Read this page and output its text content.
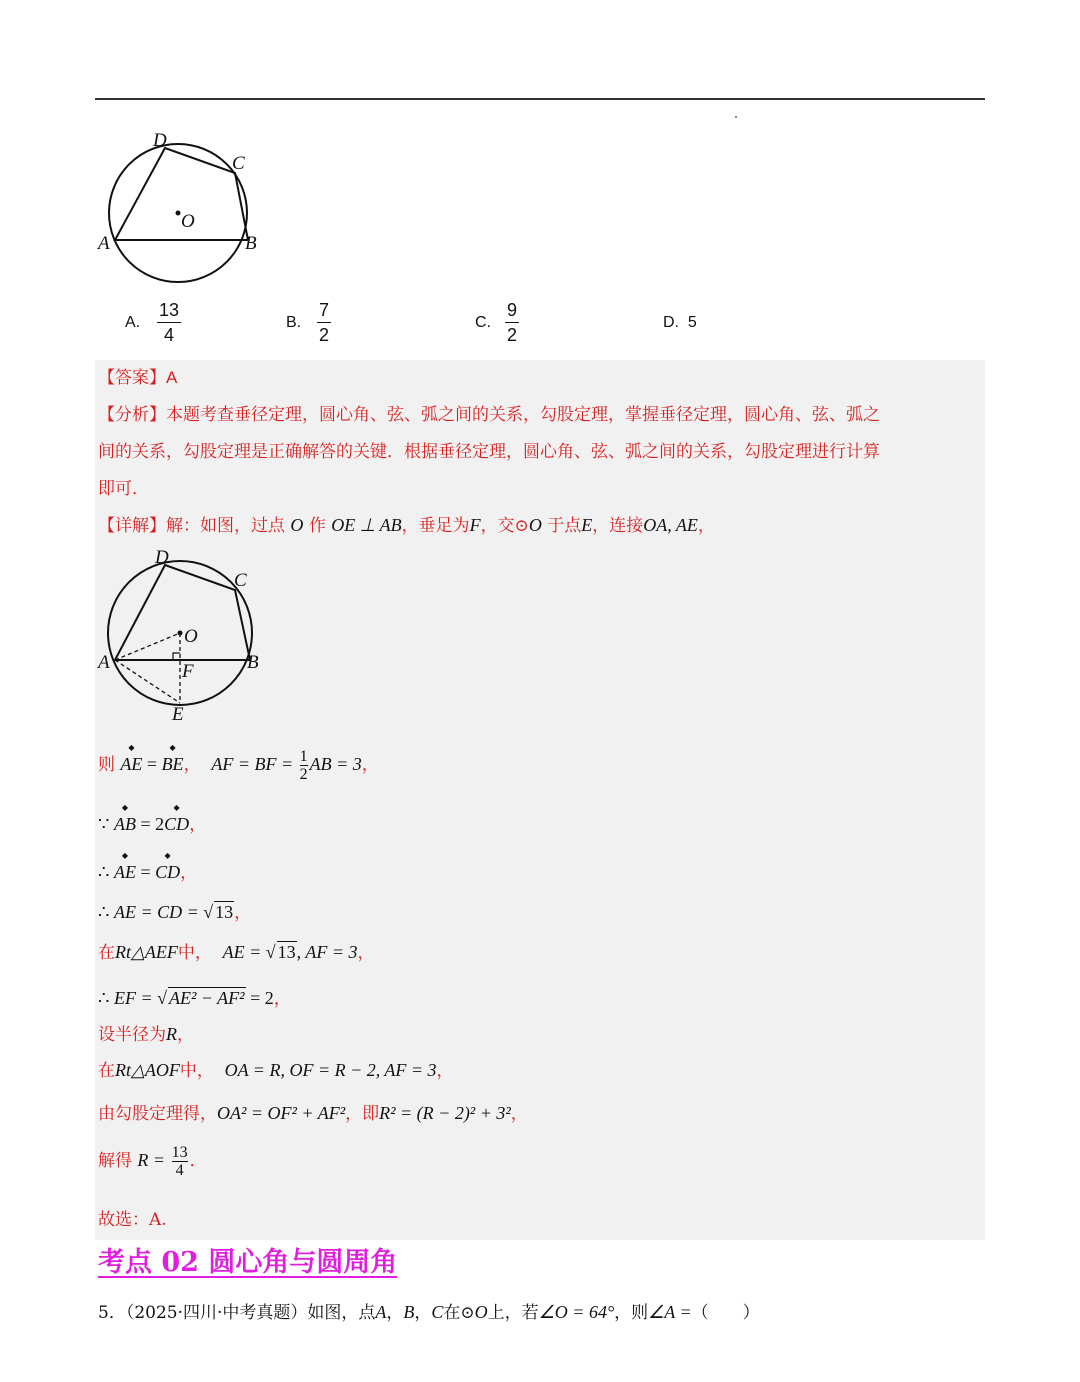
D
C
O
A	B
A.
13
4
B.
7
2
C.
9
2
D. 5
【答案】A
【分析】本题考查垂径定理，圆心角、弦、弧之间的关系，勾股定理，掌握垂径定理，圆心角、弦、弧之
间的关系，勾股定理是正确解答的关键．根据垂径定理，圆心角、弦、弧之间的关系，勾股定理进行计算
即可．
【详解】解：如图，过点 O 作 OE ⊥ AB，垂足为F，交⊙O 于点E，连接OA, AE，
D
C
O
A	B
F
E
则 ◆ AE = ◆ BE， AF = BF = $\frac{1}{2}$ AB = 3，
∵ ◆ AB = 2◆ CD，
∴ ◆ AE = ◆ CD，
∴ AE = CD = √ 13，
在Rt△AEF中， AE = √ 13, AF = 3，
∴ EF = √ AE² − AF² = 2，
设半径为R，
在Rt△AOF中， OA = R, OF = R − 2, AF = 3，
由勾股定理得，OA² = OF² + AF²，即R² = (R − 2)² + 3²，
解得 $R = \frac{13}{4}$ ．
故选：A.
考点 02 圆心角与圆周角
5．（2025·四川·中考真题）如图，点A，B，C在⊙O上，若∠O = 64°，则∠A =（　　）
